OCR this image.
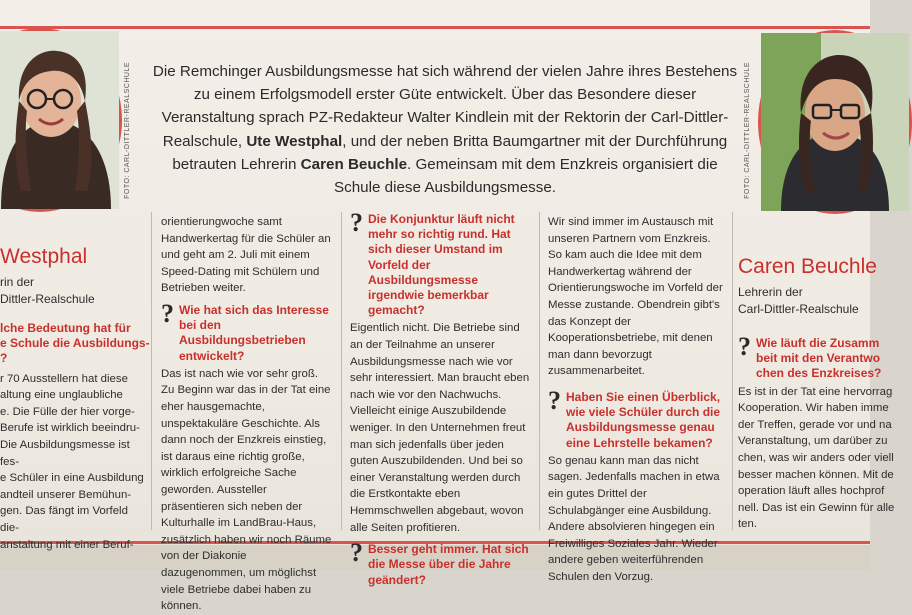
FOTO: CARL-DITTLER-REALSCHULE	FOTO: CARL-DITTLER-REALSCHULE
Die Remchinger Ausbildungsmesse hat sich während der vielen Jahre ihres Bestehens zu einem Erfolgsmodell erster Güte entwickelt. Über das Besondere dieser Veranstaltung sprach PZ-Redakteur Walter Kindlein mit der Rektorin der Carl-Dittler-Realschule, Ute Westphal, und der neben Britta Baumgartner mit der Durchführung betrauten Lehrerin Caren Beuchle. Gemeinsam mit dem Enzkreis organisiert die Schule diese Ausbildungsmesse.
Westphal
rin der
Dittler-Realschule
lche Bedeutung hat für
e Schule die Ausbildungs-
?
r 70 Ausstellern hat diese
altung eine unglaubliche
e. Die Fülle der hier vorge-
Berufe ist wirklich beeindru-
Die Ausbildungsmesse ist fes-
e Schüler in eine Ausbildung
andteil unserer Bemühun-
gen. Das fängt im Vorfeld die-
anstaltung mit einer Beruf-

orientierungwoche samt Handwerkertag für die Schüler an und geht am 2. Juli mit einem Speed-Dating mit Schülern und Betrieben weiter.

? Wie hat sich das Interesse bei den Ausbildungsbetrieben entwickelt?

Das ist nach wie vor sehr groß. Zu Beginn war das in der Tat eine eher hausgemachte, unspektakuläre Geschichte. Als dann noch der Enzkreis einstieg, ist daraus eine richtig große, wirklich erfolgreiche Sache geworden. Aussteller präsentieren sich neben der Kulturhalle im LandBrau-Haus, zusätzlich haben wir noch Räume von der Diakonie dazugenommen, um möglichst viele Betriebe dabei haben zu können.

? Die Konjunktur läuft nicht mehr so richtig rund. Hat sich dieser Umstand im Vorfeld der Ausbildungsmesse irgendwie bemerkbar gemacht?

Eigentlich nicht. Die Betriebe sind an der Teilnahme an unserer Ausbildungsmesse nach wie vor sehr interessiert. Man braucht eben nach wie vor den Nachwuchs. Vielleicht einige Auszubildende weniger. In den Unternehmen freut man sich jedenfalls über jeden guten Auszubildenden. Und bei so einer Veranstaltung werden durch die Erstkontakte eben Hemmschwellen abgebaut, wovon alle Seiten profitieren.

? Besser geht immer. Hat sich die Messe über die Jahre geändert?

Wir sind immer im Austausch mit unseren Partnern vom Enzkreis. So kam auch die Idee mit dem Handwerkertag während der Orientierungswoche im Vorfeld der Messe zustande. Obendrein gibt's das Konzept der Kooperationsbetriebe, mit denen man dann bevorzugt zusammenarbeitet.

? Haben Sie einen Überblick, wie viele Schüler durch die Ausbildungsmesse genau eine Lehrstelle bekamen?

So genau kann man das nicht sagen. Jedenfalls machen in etwa ein gutes Drittel der Schulabgänger eine Ausbildung. Andere absolvieren hingegen ein Freiwilliges Soziales Jahr. Wieder andere geben weiterführenden Schulen den Vorzug.

Caren Beuchle
Lehrerin der
Carl-Dittler-Realschule
? Wie läuft die Zusamm
beit mit den Verantwo
chen des Enzkreises?
Es ist in der Tat eine hervorrag
Kooperation. Wir haben imme
der Treffen, gerade vor und na
Veranstaltung, um darüber zu
chen, was wir anders oder viell
besser machen können. Mit de
operation läuft alles hochprof
nell. Das ist ein Gewinn für alle
ten.
